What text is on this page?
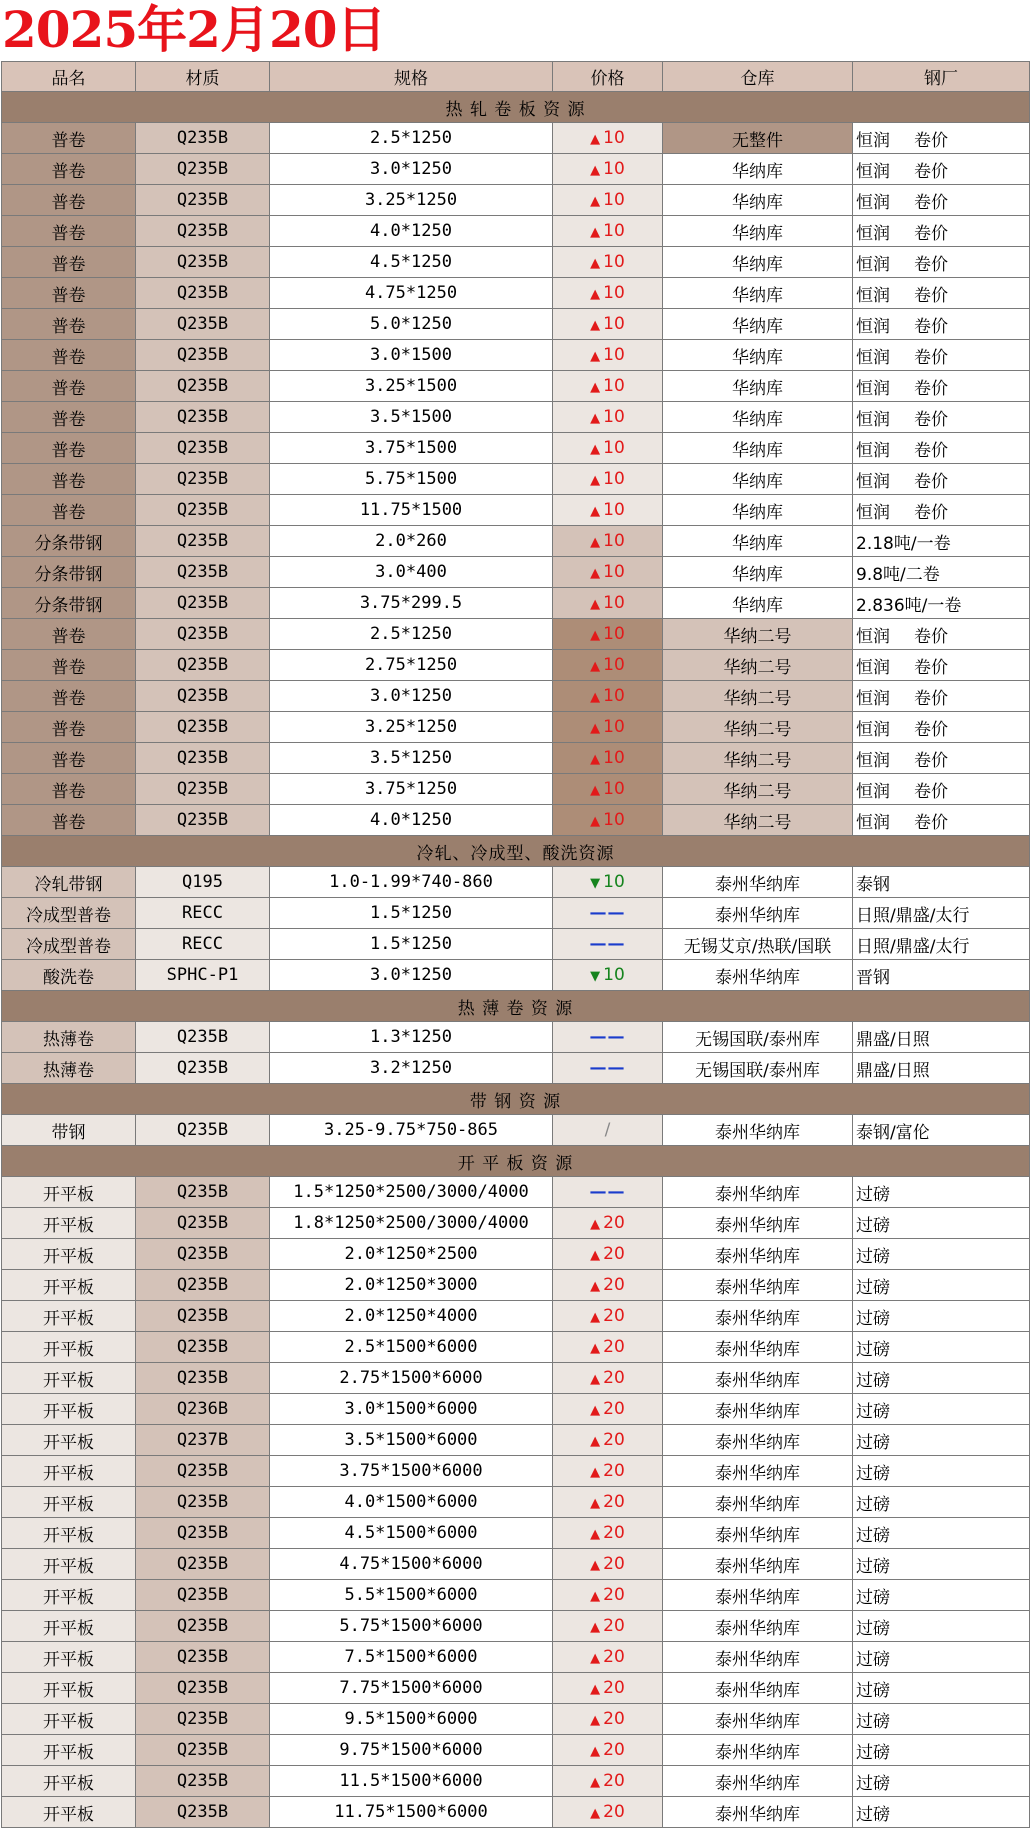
2025年2月20日
品名	材质	规格	价格	仓库	钢厂
热 轧 卷 板 资 源					
普卷	Q235B	2.5*1250	▲ 10	无整件	恒润 卷价
普卷	Q235B	3.0*1250	▲ 10	华纳库	恒润 卷价
普卷	Q235B	3.25*1250	▲ 10	华纳库	恒润 卷价
普卷	Q235B	4.0*1250	▲ 10	华纳库	恒润 卷价
普卷	Q235B	4.5*1250	▲ 10	华纳库	恒润 卷价
普卷	Q235B	4.75*1250	▲ 10	华纳库	恒润 卷价
普卷	Q235B	5.0*1250	▲ 10	华纳库	恒润 卷价
普卷	Q235B	3.0*1500	▲ 10	华纳库	恒润 卷价
普卷	Q235B	3.25*1500	▲ 10	华纳库	恒润 卷价
普卷	Q235B	3.5*1500	▲ 10	华纳库	恒润 卷价
普卷	Q235B	3.75*1500	▲ 10	华纳库	恒润 卷价
普卷	Q235B	5.75*1500	▲ 10	华纳库	恒润 卷价
普卷	Q235B	11.75*1500	▲ 10	华纳库	恒润 卷价
分条带钢	Q235B	2.0*260	▲ 10	华纳库	2.18吨/一卷
分条带钢	Q235B	3.0*400	▲ 10	华纳库	9.8吨/二卷
分条带钢	Q235B	3.75*299.5	▲ 10	华纳库	2.836吨/一卷
普卷	Q235B	2.5*1250	▲ 10	华纳二号	恒润 卷价
普卷	Q235B	2.75*1250	▲ 10	华纳二号	恒润 卷价
普卷	Q235B	3.0*1250	▲ 10	华纳二号	恒润 卷价
普卷	Q235B	3.25*1250	▲ 10	华纳二号	恒润 卷价
普卷	Q235B	3.5*1250	▲ 10	华纳二号	恒润 卷价
普卷	Q235B	3.75*1250	▲ 10	华纳二号	恒润 卷价
普卷	Q235B	4.0*1250	▲ 10	华纳二号	恒润 卷价
冷轧、冷成型、酸洗资源					
冷轧带钢	Q195	1.0-1.99*740-860	▼ 10	泰州华纳库	泰钢
冷成型普卷	RECC	1.5*1250	——	泰州华纳库	日照/鼎盛/太行
冷成型普卷	RECC	1.5*1250	——	无锡艾京/热联/国联	日照/鼎盛/太行
酸洗卷	SPHC-P1	3.0*1250	▼ 10	泰州华纳库	晋钢
热 薄 卷 资 源					
热薄卷	Q235B	1.3*1250	——	无锡国联/泰州库	鼎盛/日照
热薄卷	Q235B	3.2*1250	——	无锡国联/泰州库	鼎盛/日照
带 钢 资 源					
带钢	Q235B	3.25-9.75*750-865	/	泰州华纳库	泰钢/富伦
开 平 板 资 源					
开平板	Q235B	1.5*1250*2500/3000/4000	——	泰州华纳库	过磅
开平板	Q235B	1.8*1250*2500/3000/4000	▲ 20	泰州华纳库	过磅
开平板	Q235B	2.0*1250*2500	▲ 20	泰州华纳库	过磅
开平板	Q235B	2.0*1250*3000	▲ 20	泰州华纳库	过磅
开平板	Q235B	2.0*1250*4000	▲ 20	泰州华纳库	过磅
开平板	Q235B	2.5*1500*6000	▲ 20	泰州华纳库	过磅
开平板	Q235B	2.75*1500*6000	▲ 20	泰州华纳库	过磅
开平板	Q236B	3.0*1500*6000	▲ 20	泰州华纳库	过磅
开平板	Q237B	3.5*1500*6000	▲ 20	泰州华纳库	过磅
开平板	Q235B	3.75*1500*6000	▲ 20	泰州华纳库	过磅
开平板	Q235B	4.0*1500*6000	▲ 20	泰州华纳库	过磅
开平板	Q235B	4.5*1500*6000	▲ 20	泰州华纳库	过磅
开平板	Q235B	4.75*1500*6000	▲ 20	泰州华纳库	过磅
开平板	Q235B	5.5*1500*6000	▲ 20	泰州华纳库	过磅
开平板	Q235B	5.75*1500*6000	▲ 20	泰州华纳库	过磅
开平板	Q235B	7.5*1500*6000	▲ 20	泰州华纳库	过磅
开平板	Q235B	7.75*1500*6000	▲ 20	泰州华纳库	过磅
开平板	Q235B	9.5*1500*6000	▲ 20	泰州华纳库	过磅
开平板	Q235B	9.75*1500*6000	▲ 20	泰州华纳库	过磅
开平板	Q235B	11.5*1500*6000	▲ 20	泰州华纳库	过磅
开平板	Q235B	11.75*1500*6000	▲ 20	泰州华纳库	过磅
